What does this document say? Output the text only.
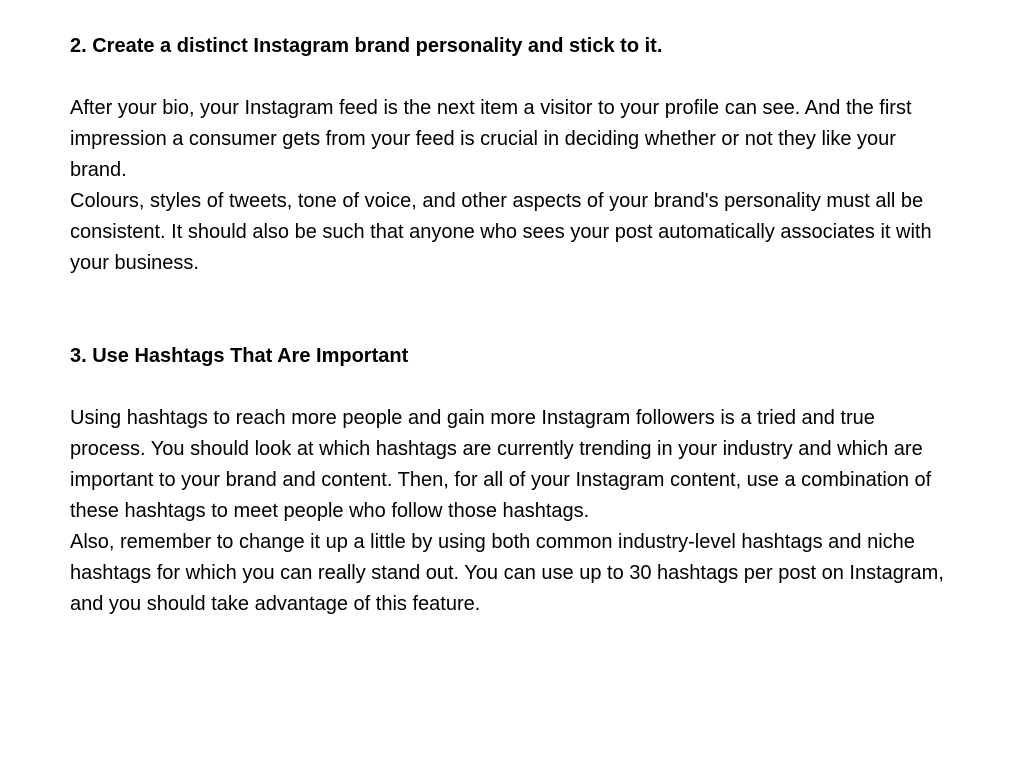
2. Create a distinct Instagram brand personality and stick to it.

After your bio, your Instagram feed is the next item a visitor to your profile can see. And the first impression a consumer gets from your feed is crucial in deciding whether or not they like your brand.

Colours, styles of tweets, tone of voice, and other aspects of your brand's personality must all be consistent. It should also be such that anyone who sees your post automatically associates it with your business.

3. Use Hashtags That Are Important

Using hashtags to reach more people and gain more Instagram followers is a tried and true process. You should look at which hashtags are currently trending in your industry and which are important to your brand and content. Then, for all of your Instagram content, use a combination of these hashtags to meet people who follow those hashtags.

Also, remember to change it up a little by using both common industry-level hashtags and niche hashtags for which you can really stand out. You can use up to 30 hashtags per post on Instagram, and you should take advantage of this feature.
